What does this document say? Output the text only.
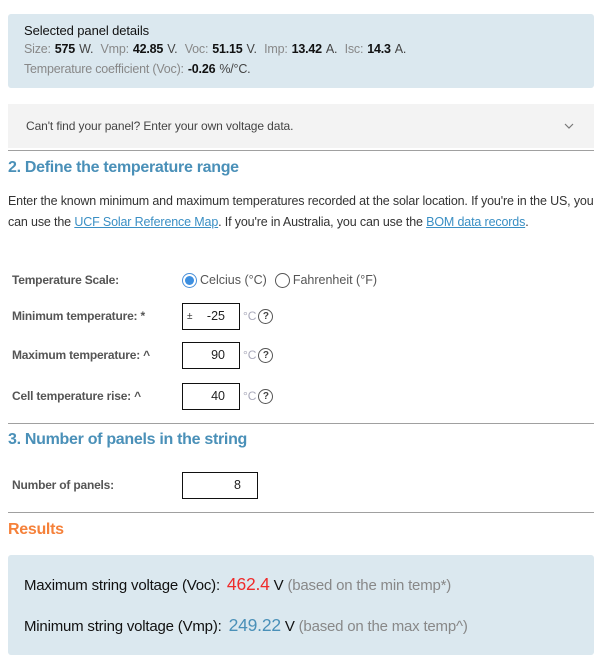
Selected panel details
Size: 575 W. Vmp: 42.85 V. Voc: 51.15 V. Imp: 13.42 A. Isc: 14.3 A.
Temperature coefficient (Voc): -0.26 %/°C.
Can't find your panel? Enter your own voltage data.
2. Define the temperature range
Enter the known minimum and maximum temperatures recorded at the solar location. If you're in the US, you can use the UCF Solar Reference Map. If you're in Australia, you can use the BOM data records.
Temperature Scale:	Celcius (°C) Fahrenheit (°F)
Minimum temperature: *	± -25 °C ?
Maximum temperature: ^	90 °C ?
Cell temperature rise: ^	40 °C ?
3. Number of panels in the string
Number of panels:	8
Results
Maximum string voltage (Voc): 462.4 V (based on the min temp*)
Minimum string voltage (Vmp): 249.22 V (based on the max temp^)
